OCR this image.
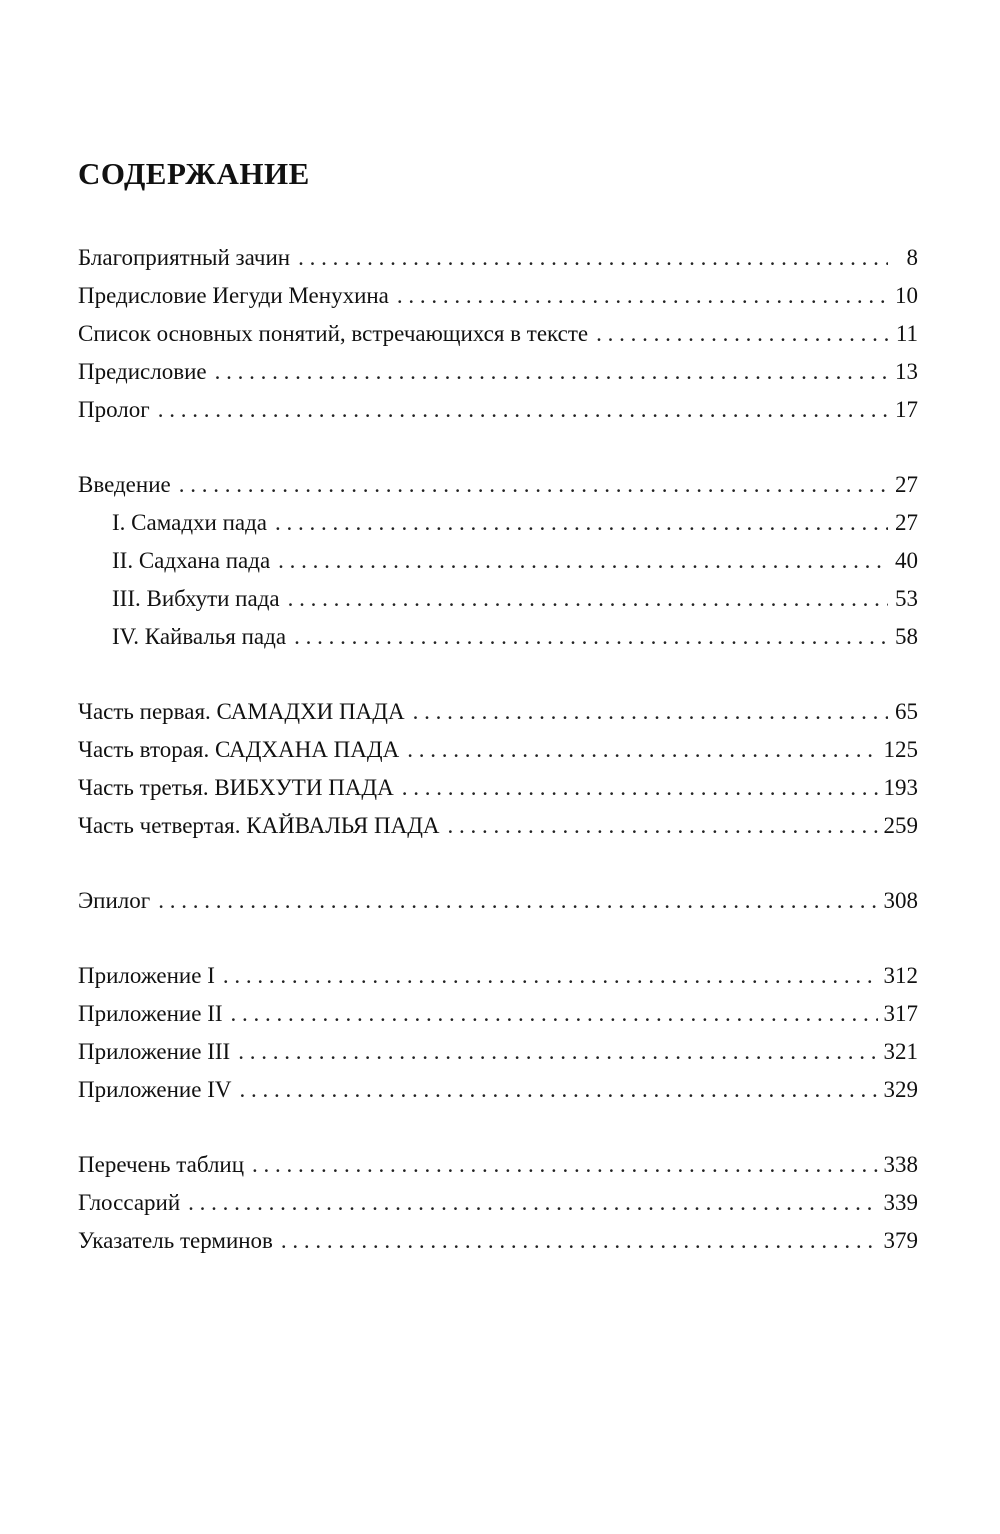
СОДЕРЖАНИЕ
Благоприятный зачин . . .	8
Предисловие Иегуди Менухина . . .	10
Список основных понятий, встречающихся в тексте . . .	11
Предисловие . . .	13
Пролог . . .	17
Введение . . .	27
I. Самадхи пада . . .	27
II. Садхана пада . . .	40
III. Вибхути пада . . .	53
IV. Кайвалья пада . . .	58
Часть первая. САМАДХИ ПАДА . . .	65
Часть вторая. САДХАНА ПАДА . . .	125
Часть третья. ВИБХУТИ ПАДА . . .	193
Часть четвертая. КАЙВАЛЬЯ ПАДА . . .	259
Эпилог . . .	308
Приложение I . . .	312
Приложение II . . .	317
Приложение III . . .	321
Приложение IV . . .	329
Перечень таблиц . . .	338
Глоссарий . . .	339
Указатель терминов . . .	379
